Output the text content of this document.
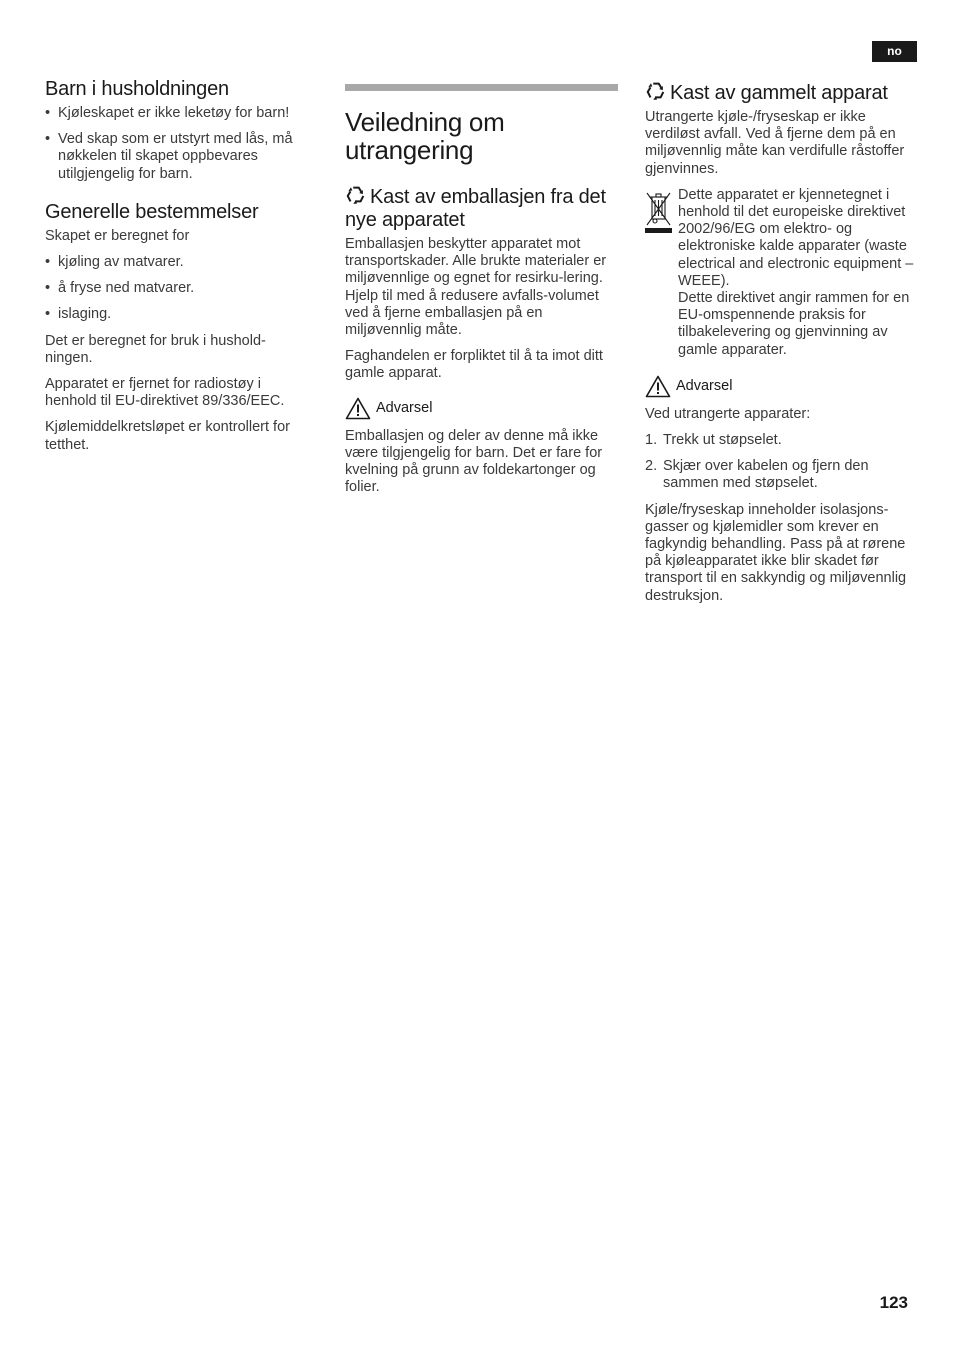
no
Barn i husholdningen
• Kjøleskapet er ikke leketøy for barn!
• Ved skap som er utstyrt med lås, må nøkkelen til skapet oppbevares utilgjengelig for barn.
Generelle bestemmelser

Skapet er beregnet for

• kjøling av matvarer.
• å fryse ned matvarer.
• islaging.

Det er beregnet for bruk i hushold-ningen.

Apparatet er fjernet for radiostøy i henhold til EU-direktivet 89/336/EEC.

Kjølemiddelkretsløpet er kontrollert for tetthet.

Veiledning om utrangering
Kast av emballasjen fra det nye apparatet

Emballasjen beskytter apparatet mot transportskader. Alle brukte materialer er miljøvennlige og egnet for resirku-lering. Hjelp til med å redusere avfalls-volumet ved å fjerne emballasjen på en miljøvennlig måte.

Faghandelen er forpliktet til å ta imot ditt gamle apparat.

Advarsel

Emballasjen og deler av denne må ikke være tilgjengelig for barn. Det er fare for kvelning på grunn av foldekartonger og folier.

Kast av gammelt apparat

Utrangerte kjøle-/fryseskap er ikke verdiløst avfall. Ved å fjerne dem på en miljøvennlig måte kan verdifulle råstoffer gjenvinnes.

Dette apparatet er kjennetegnet i henhold til det europeiske direktivet 2002/96/EG om elektro- og elektroniske kalde apparater (waste electrical and electronic equipment – WEEE).

Dette direktivet angir rammen for en EU-omspennende praksis for tilbakelevering og gjenvinning av gamle apparater.

Advarsel

Ved utrangerte apparater:

1. Trekk ut støpselet.
2. Skjær over kabelen og fjern den sammen med støpselet.

Kjøle/fryseskap inneholder isolasjons-gasser og kjølemidler som krever en fagkyndig behandling. Pass på at rørene på kjøleapparatet ikke blir skadet før transport til en sakkyndig og miljøvennlig destruksjon.

123
